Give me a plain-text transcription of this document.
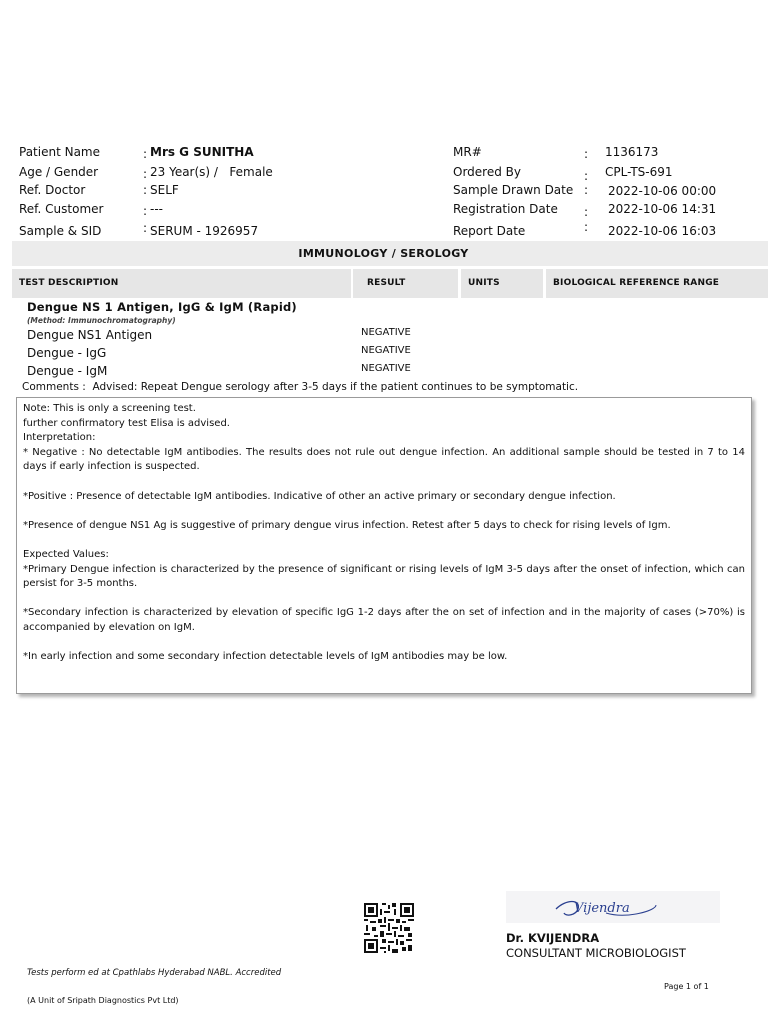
Patient Name	: Mrs G SUNITHA
Age / Gender	: 23 Year(s) /   Female
Ref. Doctor	: SELF
Ref. Customer	: ---
Sample & SID	: SERUM - 1926957
MR#	: 1136173
Ordered By	: CPL-TS-691
Sample Drawn Date : 2022-10-06 00:00
Registration Date : 2022-10-06 14:31
Report Date	: 2022-10-06 16:03
IMMUNOLOGY / SEROLOGY
TEST DESCRIPTION	RESULT	UNITS	BIOLOGICAL REFERENCE RANGE
Dengue NS 1 Antigen, IgG & IgM (Rapid)
(Method: Immunochromatography)
Dengue NS1 Antigen	NEGATIVE
Dengue - IgG	NEGATIVE
Dengue - IgM	NEGATIVE
Comments :  Advised: Repeat Dengue serology after 3-5 days if the patient continues to be symptomatic.

Note: This is only a screening test.

further confirmatory test Elisa is advised.

Interpretation:

* Negative : No detectable IgM antibodies. The results does not rule out dengue infection. An additional sample should be tested in 7 to 14 days if early infection is suspected.

*Positive : Presence of detectable IgM antibodies. Indicative of other an active primary or secondary dengue infection.

*Presence of dengue NS1 Ag is suggestive of primary dengue virus infection. Retest after 5 days to check for rising levels of Igm.

Expected Values:

*Primary Dengue infection is characterized by the presence of significant or rising levels of IgM 3-5 days after the onset of infection, which can persist for 3-5 months.

*Secondary infection is characterized by elevation of specific IgG 1-2 days after the on set of infection and in the majority of cases (>70%) is accompanied by elevation on IgM.

*In early infection and some secondary infection detectable levels of IgM antibodies may be low.

Vijendra
Dr. KVIJENDRA
CONSULTANT MICROBIOLOGIST
Tests perform ed at Cpathlabs Hyderabad NABL. Accredited
Page 1 of 1
(A Unit of Sripath Diagnostics Pvt Ltd)
